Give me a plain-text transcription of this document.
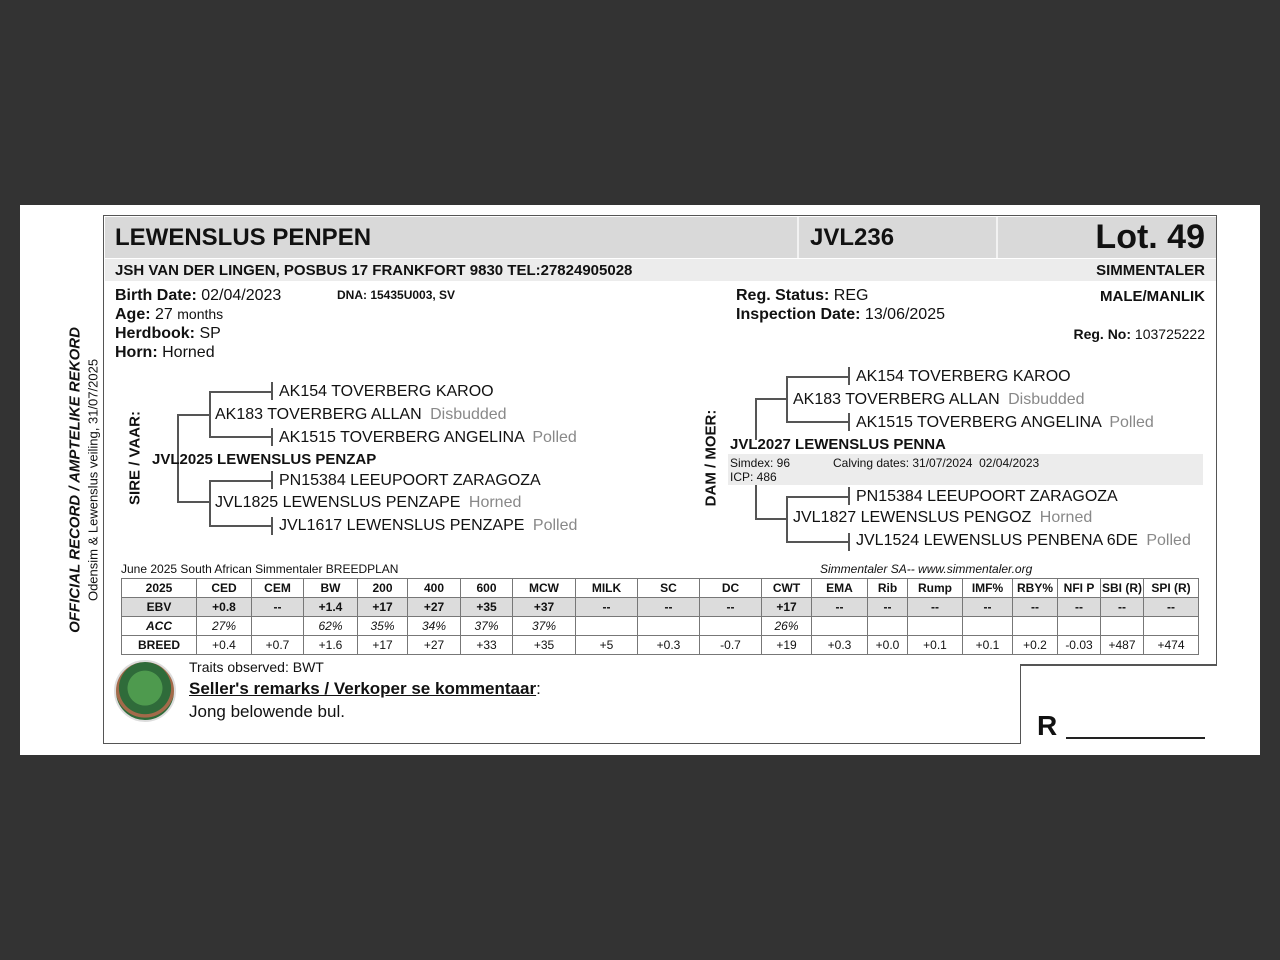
LEWENSLUS PENPEN	JVL236	Lot. 49
JSH VAN DER LINGEN, POSBUS 17 FRANKFORT 9830 TEL:27824905028	SIMMENTALER
Birth Date: 02/04/2023	DNA: 15435U003, SV
Age: 27 months
Herdbook: SP
Horn: Horned
Reg. Status: REG
Inspection Date: 13/06/2025
MALE/MANLIK
Reg. No: 103725222
OFFICIAL RECORD / AMPTELIKE REKORD Odensim & Lewenslus veiling, 31/07/2025 SIRE / VAAR:
AK154 TOVERBERG KAROO
AK183 TOVERBERG ALLAN Disbudded
AK1515 TOVERBERG ANGELINA Polled
JVL2025 LEWENSLUS PENZAP
PN15384 LEEUPOORT ZARAGOZA
JVL1825 LEWENSLUS PENZAPE Horned
JVL1617 LEWENSLUS PENZAPE Polled
DAM / MOER:
AK154 TOVERBERG KAROO
AK183 TOVERBERG ALLAN Disbudded
AK1515 TOVERBERG ANGELINA Polled
JVL2027 LEWENSLUS PENNA
Simdex: 96
ICP: 486
Calving dates: 31/07/2024  02/04/2023
PN15384 LEEUPOORT ZARAGOZA
JVL1827 LEWENSLUS PENGOZ Horned
JVL1524 LEWENSLUS PENBENA 6DE Polled
June 2025 South African Simmentaler BREEDPLAN	Simmentaler SA-- www.simmentaler.org
2025	CED	CEM	BW	200	400	600	MCW	MILK	SC	DC	CWT	EMA	Rib	Rump	IMF%	RBY%	NFI P	SBI (R)	SPI (R)
EBV	+0.8	--	+1.4	+17	+27	+35	+37	--	--	--	+17	--	--	--	--	--	--	--	--
ACC	27%		62%	35%	34%	37%	37%				26%								
BREED	+0.4	+0.7	+1.6	+17	+27	+33	+35	+5	+0.3	-0.7	+19	+0.3	+0.0	+0.1	+0.1	+0.2	-0.03	+487	+474
Traits observed: BWT
Seller's remarks / Verkoper se kommentaar:
Jong belowende bul.	R
